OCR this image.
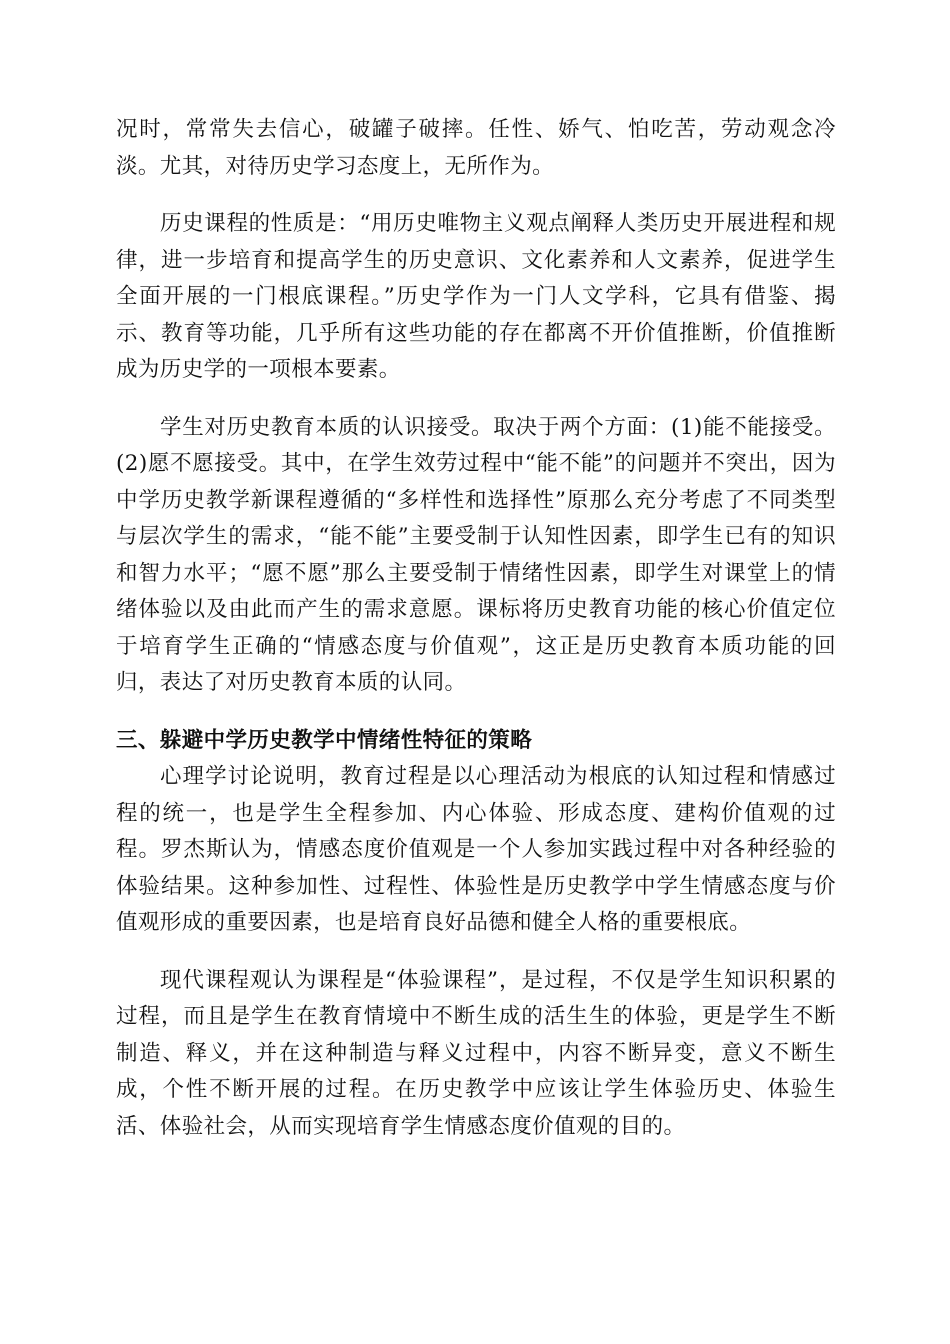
况时，常常失去信心，破罐子破摔。任性、娇气、怕吃苦，劳动观念冷淡。尤其，对待历史学习态度上，无所作为。

历史课程的性质是：“用历史唯物主义观点阐释人类历史开展进程和规律，进一步培育和提高学生的历史意识、文化素养和人文素养，促进学生全面开展的一门根底课程。”历史学作为一门人文学科，它具有借鉴、揭示、教育等功能，几乎所有这些功能的存在都离不开价值推断，价值推断成为历史学的一项根本要素。

学生对历史教育本质的认识接受。取决于两个方面：(1)能不能接受。(2)愿不愿接受。其中，在学生效劳过程中“能不能”的问题并不突出，因为中学历史教学新课程遵循的“多样性和选择性”原那么充分考虑了不同类型与层次学生的需求，“能不能”主要受制于认知性因素，即学生已有的知识和智力水平；“愿不愿”那么主要受制于情绪性因素，即学生对课堂上的情绪体验以及由此而产生的需求意愿。课标将历史教育功能的核心价值定位于培育学生正确的“情感态度与价值观”，这正是历史教育本质功能的回归，表达了对历史教育本质的认同。

三、躲避中学历史教学中情绪性特征的策略

心理学讨论说明，教育过程是以心理活动为根底的认知过程和情感过程的统一，也是学生全程参加、内心体验、形成态度、建构价值观的过程。罗杰斯认为，情感态度价值观是一个人参加实践过程中对各种经验的体验结果。这种参加性、过程性、体验性是历史教学中学生情感态度与价值观形成的重要因素，也是培育良好品德和健全人格的重要根底。

现代课程观认为课程是“体验课程”，是过程，不仅是学生知识积累的过程，而且是学生在教育情境中不断生成的活生生的体验，更是学生不断制造、释义，并在这种制造与释义过程中，内容不断异变，意义不断生成，个性不断开展的过程。在历史教学中应该让学生体验历史、体验生活、体验社会，从而实现培育学生情感态度价值观的目的。
